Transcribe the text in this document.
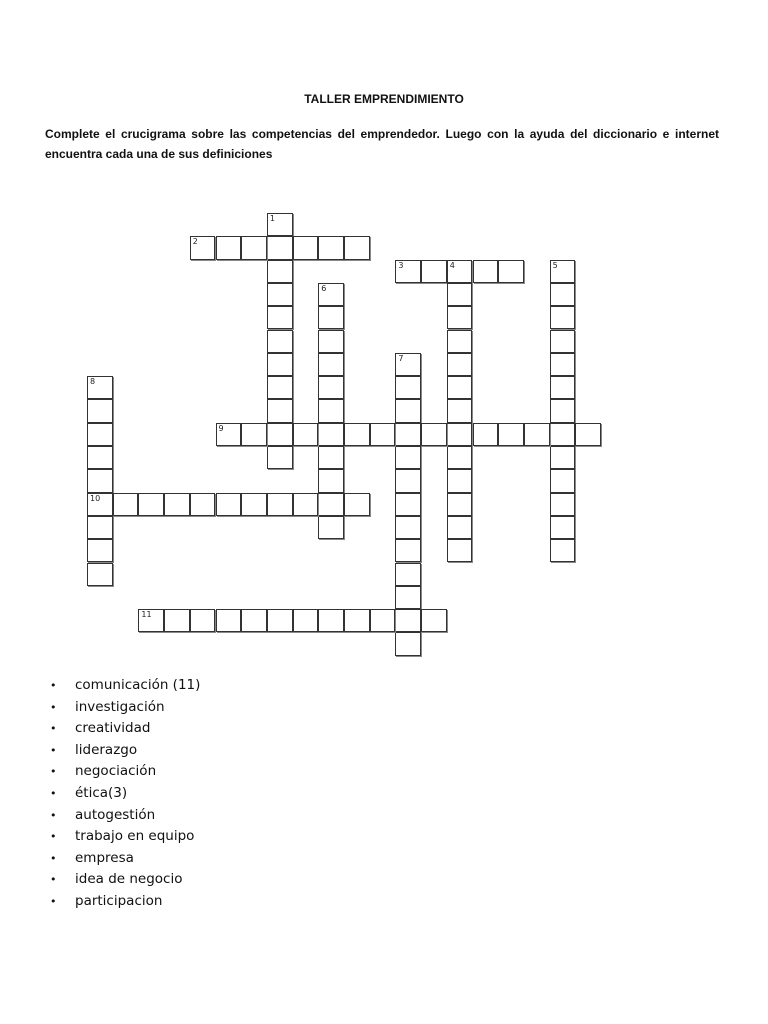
TALLER EMPRENDIMIENTO
Complete el crucigrama sobre las competencias del emprendedor. Luego con la ayuda del diccionario e internet encuentra cada una de sus definiciones
1
2
3	4	5
6
7
8
10
9
11
• comunicación (11)
• investigación
• creatividad
• liderazgo
• negociación
• ética(3)
• autogestión
• trabajo en equipo
• empresa
• idea de negocio
• participacion
